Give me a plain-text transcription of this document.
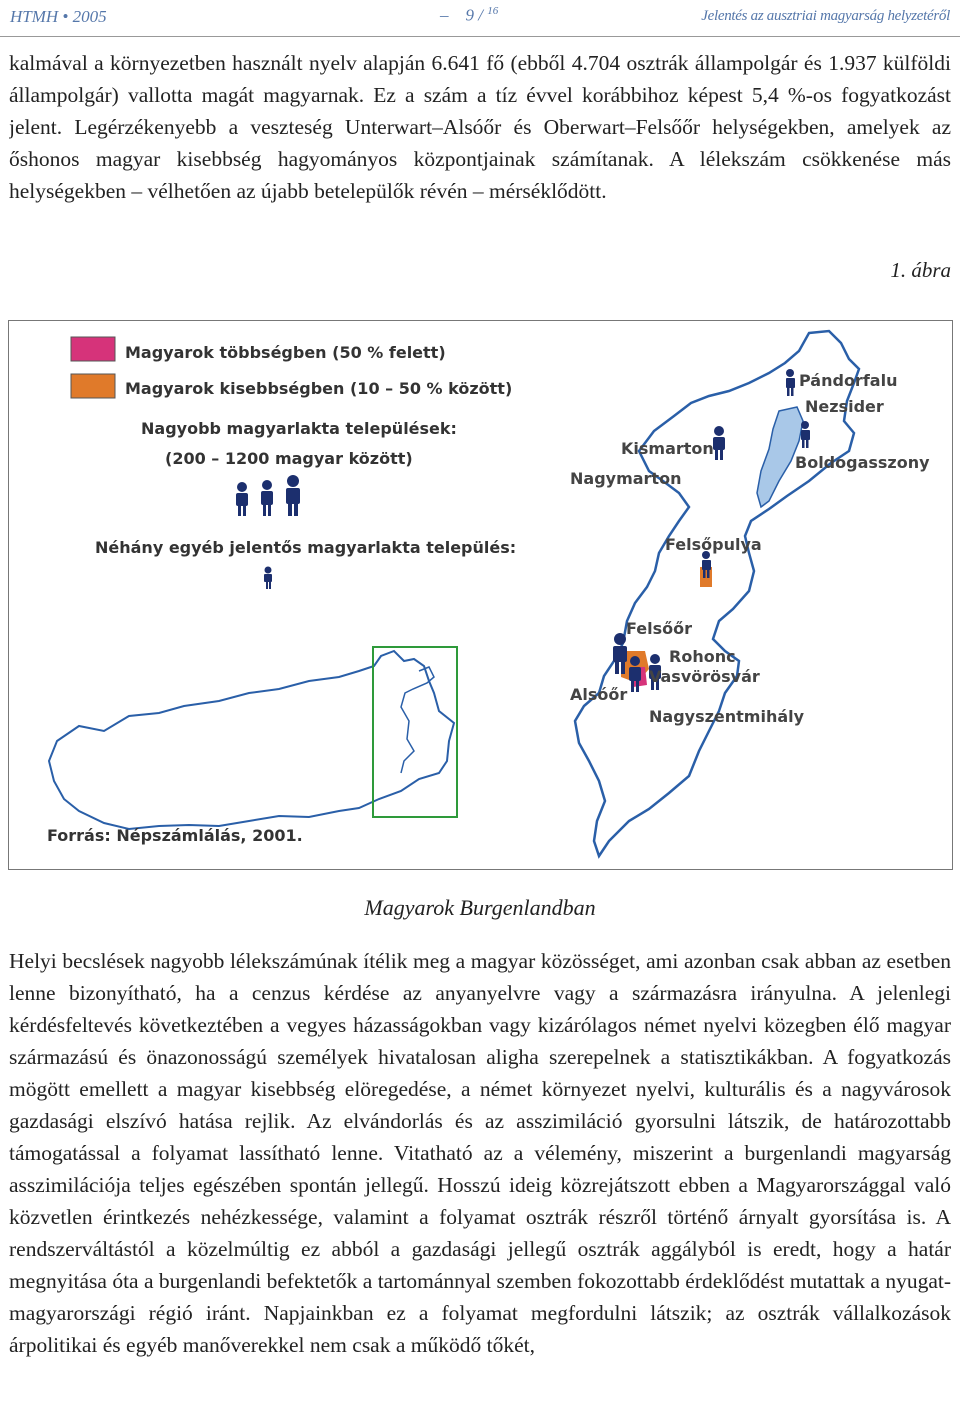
HTMH • 2005	–    9 / $^{16}$	Jelentés az ausztriai magyarság helyzetéről
kalmával a környezetben használt nyelv alapján 6.641 fő (ebből 4.704 osztrák állampolgár és 1.937 külföldi állampolgár) vallotta magát magyarnak. Ez a szám a tíz évvel korábbihoz képest 5,4 %-os fogyatkozást jelent. Legérzékenyebb a veszteség Unterwart–Alsóőr és Oberwart–Felsőőr helységekben, amelyek az őshonos magyar kisebbség hagyományos központjainak számítanak. A lélekszám csökkenése más helységekben – vélhetően az újabb betelepülők révén – mérséklődött.
1. ábra
Magyarok többségben (50 % felett)
Magyarok kisebbségben (10 – 50 % között)
Nagyobb magyarlakta települések:
(200 – 1200 magyar között)
Néhány egyéb jelentős magyarlakta település:
Forrás: Népszámlálás, 2001.
Pándorfalu
Nezsider
Kismarton
Boldogasszony
Nagymarton
Felsőpulya
Felsőőr
Rohonc
Vasvörösvár
Alsóőr
Nagyszentmihály
Magyarok Burgenlandban
Helyi becslések nagyobb lélekszámúnak ítélik meg a magyar közösséget, ami azonban csak abban az esetben lenne bizonyítható, ha a cenzus kérdése az anyanyelvre vagy a származásra irányulna. A jelenlegi kérdésfeltevés következtében a vegyes házasságokban vagy kizárólagos német nyelvi közegben élő magyar származású és önazonosságú személyek hivatalosan aligha szerepelnek a statisztikákban. A fogyatkozás mögött emellett a magyar kisebbség elöregedése, a német környezet nyelvi, kulturális és a nagyvárosok gazdasági elszívó hatása rejlik. Az elvándorlás és az asszimiláció gyorsulni látszik, de határozottabb támogatással a folyamat lassítható lenne. Vitatható az a vélemény, miszerint a burgenlandi magyarság asszimilációja teljes egészében spontán jellegű. Hosszú ideig közrejátszott ebben a Magyarországgal való közvetlen érintkezés nehézkessége, valamint a folyamat osztrák részről történő árnyalt gyorsítása is. A rendszerváltástól a közelmúltig ez abból a gazdasági jellegű osztrák aggályból is eredt, hogy a határ megnyitása óta a burgenlandi befektetők a tartománnyal szemben fokozottabb érdeklődést mutattak a nyugat-magyarországi régió iránt. Napjainkban ez a folyamat megfordulni látszik; az osztrák vállalkozások árpolitikai és egyéb manőverekkel nem csak a működő tőkét,
